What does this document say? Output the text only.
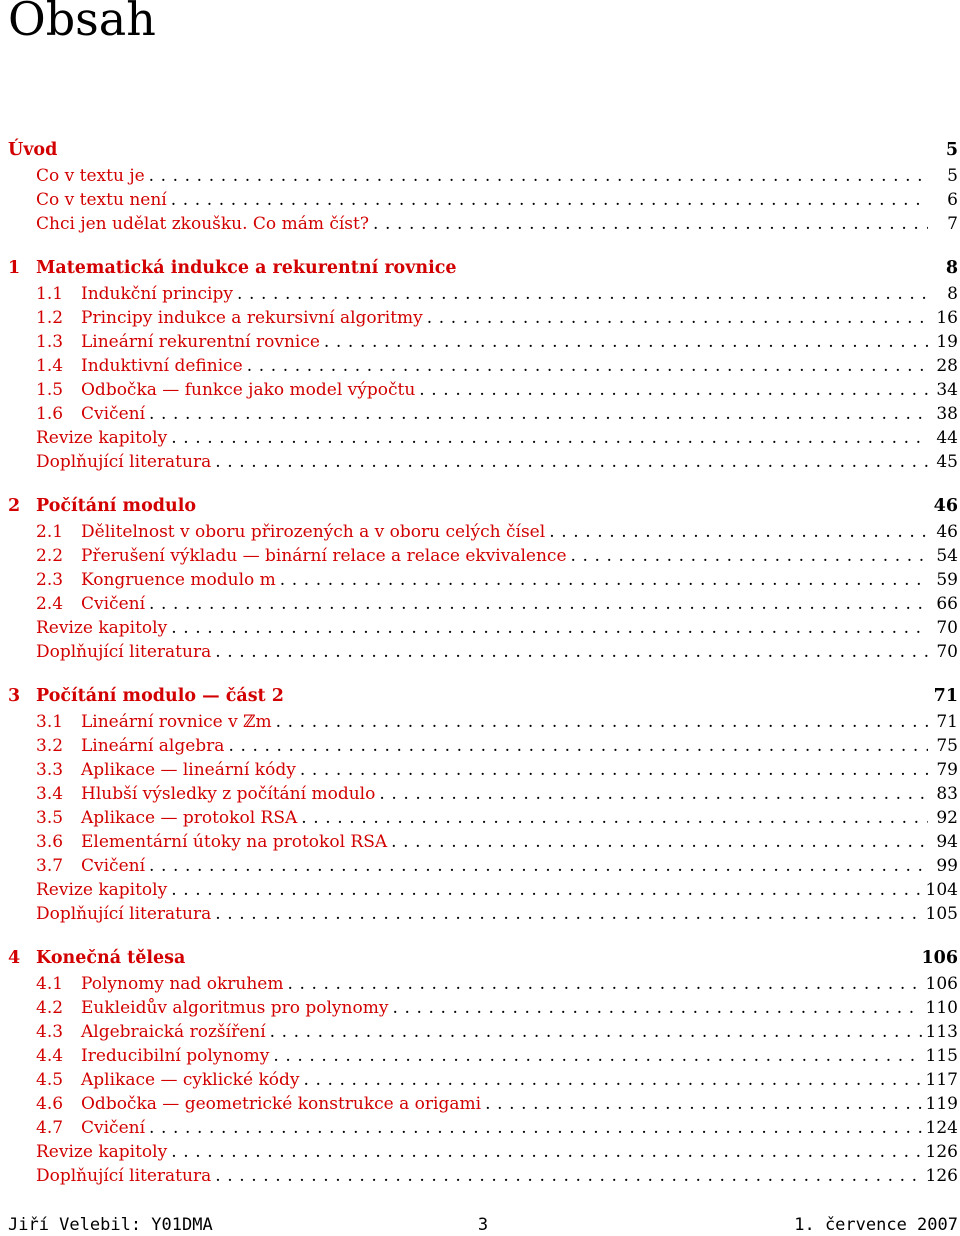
Obsah
Úvod	5
Co v textu je . . .	5
Co v textu není . . .	6
Chci jen udělat zkoušku. Co mám číst? . . .	7
1 Matematická indukce a rekurentní rovnice	8
1.1	Indukční principy . . .	8
1.2	Principy indukce a rekursivní algoritmy . . .	16
1.3	Lineární rekurentní rovnice . . .	19
1.4	Induktivní definice . . .	28
1.5	Odbočka — funkce jako model výpočtu . . .	34
1.6	Cvičení . . .	38
Revize kapitoly . . .	44
Doplňující literatura . . .	45
2 Počítání modulo	46
2.1	Dělitelnost v oboru přirozených a v oboru celých čísel . . .	46
2.2	Přerušení výkladu — binární relace a relace ekvivalence . . .	54
2.3	Kongruence modulo m . . .	59
2.4	Cvičení . . .	66
Revize kapitoly . . .	70
Doplňující literatura . . .	70
3 Počítání modulo — část 2	71
3.1	Lineární rovnice v ℤm . . .	71
3.2	Lineární algebra . . .	75
3.3	Aplikace — lineární kódy . . .	79
3.4	Hlubší výsledky z počítání modulo . . .	83
3.5	Aplikace — protokol RSA . . .	92
3.6	Elementární útoky na protokol RSA . . .	94
3.7	Cvičení . . .	99
Revize kapitoly . . .	104
Doplňující literatura . . .	105
4 Konečná tělesa	106
4.1	Polynomy nad okruhem . . .	106
4.2	Eukleidův algoritmus pro polynomy . . .	110
4.3	Algebraická rozšíření . . .	113
4.4	Ireducibilní polynomy . . .	115
4.5	Aplikace — cyklické kódy . . .	117
4.6	Odbočka — geometrické konstrukce a origami . . .	119
4.7	Cvičení . . .	124
Revize kapitoly . . .	126
Doplňující literatura . . .	126
Jiří Velebil: Y01DMA	3	1. července 2007
